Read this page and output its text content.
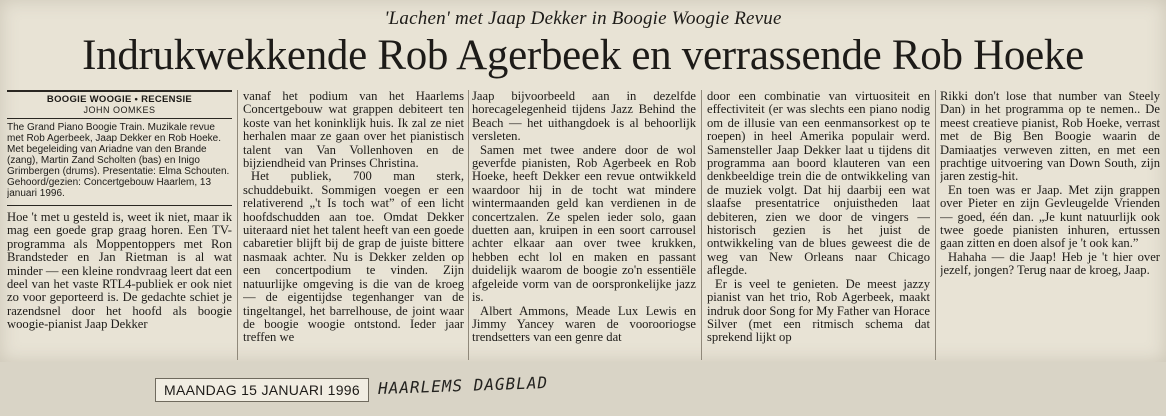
'Lachen' met Jaap Dekker in Boogie Woogie Revue
Indrukwekkende Rob Agerbeek en verrassende Rob Hoeke
BOOGIE WOOGIE • RECENSIE
JOHN OOMKES
The Grand Piano Boogie Train. Muzikale revue met Rob Agerbeek, Jaap Dekker en Rob Hoeke. Met begeleiding van Ariadne van den Brande (zang), Martin Zand Scholten (bas) en Inigo Grimbergen (drums). Presentatie: Elma Schouten. Gehoord/gezien: Concertgebouw Haarlem, 13 januari 1996.

Hoe 't met u gesteld is, weet ik niet, maar ik mag een goede grap graag horen. Een TV-programma als Moppentoppers met Ron Brandsteder en Jan Rietman is al wat minder — een kleine rondvraag leert dat een deel van het vaste RTL4-publiek er ook niet zo voor geporteerd is. De gedachte schiet je razendsnel door het hoofd als boogie woogie-pianist Jaap Dekker

vanaf het podium van het Haarlems Concertgebouw wat grappen debiteert ten koste van het koninklijk huis. Ik zal ze niet herhalen maar ze gaan over het pianistisch talent van Van Vollenhoven en de bijziendheid van Prinses Christina.

Het publiek, 700 man sterk, schuddebuikt. Sommigen voegen er een relativerend „'t Is toch wat” of een licht hoofdschudden aan toe. Omdat Dekker uiteraard niet het talent heeft van een goede cabaretier blijft bij de grap de juiste bittere nasmaak achter. Nu is Dekker zelden op een concertpodium te vinden. Zijn natuurlijke omgeving is die van de kroeg — de eigentijdse tegenhanger van de tingeltangel, het barrelhouse, de joint waar de boogie woogie ontstond. Ieder jaar treffen we

Jaap bijvoorbeeld aan in dezelfde horecagelegenheid tijdens Jazz Behind the Beach — het uithangdoek is al behoorlijk versleten.

Samen met twee andere door de wol geverfde pianisten, Rob Agerbeek en Rob Hoeke, heeft Dekker een revue ontwikkeld waardoor hij in de tocht wat mindere wintermaanden geld kan verdienen in de concertzalen. Ze spelen ieder solo, gaan duetten aan, kruipen in een soort carrousel achter elkaar aan over twee krukken, hebben echt lol en maken en passant duidelijk waarom de boogie zo'n essentiële afgeleide vorm van de oorspronkelijke jazz is.

Albert Ammons, Meade Lux Lewis en Jimmy Yancey waren de voorooriogse trendsetters van een genre dat

door een combinatie van virtuositeit en effectiviteit (er was slechts een piano nodig om de illusie van een eenmansorkest op te roepen) in heel Amerika populair werd. Samensteller Jaap Dekker laat u tijdens dit programma aan boord klauteren van een denkbeeldige trein die de ontwikkeling van de muziek volgt. Dat hij daarbij een wat slaafse presentatrice onjuistheden laat debiteren, zien we door de vingers — historisch gezien is het juist de ontwikkeling van de blues geweest die de weg van New Orleans naar Chicago aflegde.

Er is veel te genieten. De meest jazzy pianist van het trio, Rob Agerbeek, maakt indruk door Song for My Father van Horace Silver (met een ritmisch schema dat sprekend lijkt op

Rikki don't lose that number van Steely Dan) in het programma op te nemen.. De meest creatieve pianist, Rob Hoeke, verrast met de Big Ben Boogie waarin de Damiaatjes verweven zitten, en met een prachtige uitvoering van Down South, zijn jaren zestig-hit.

En toen was er Jaap. Met zijn grappen over Pieter en zijn Gevleugelde Vrienden — goed, één dan. „Je kunt natuurlijk ook twee goede pianisten inhuren, ertussen gaan zitten en doen alsof je 't ook kan.”

Hahaha — die Jaap! Heb je 't hier over jezelf, jongen? Terug naar de kroeg, Jaap.

MAANDAG 15 JANUARI 1996	HAARLEMS DAGBLAD
